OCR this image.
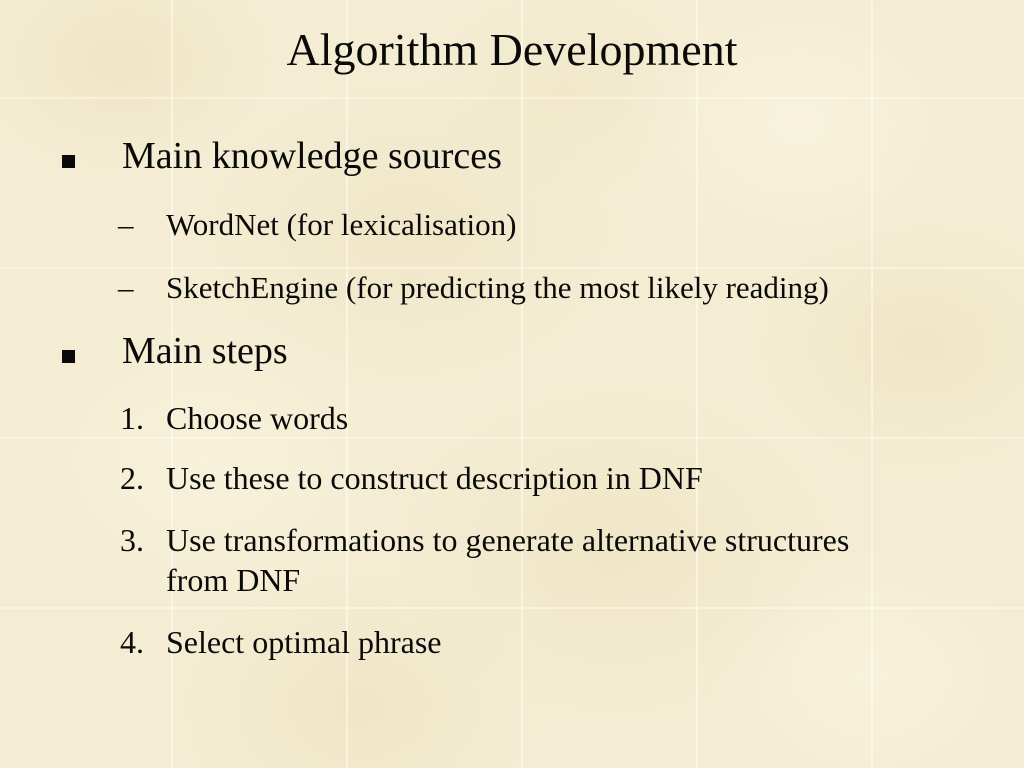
Algorithm Development
Main knowledge sources
–	WordNet (for lexicalisation)
–	SketchEngine (for predicting the most likely reading)
Main steps
1. Choose words
2. Use these to construct description in DNF
3. Use transformations to generate alternative structures from DNF
4. Select optimal phrase
